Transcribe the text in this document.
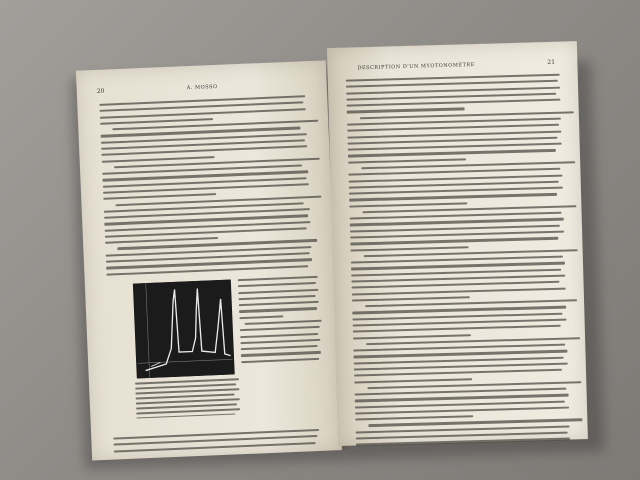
20
A. MOSSO
DESCRIPTION D'UN MYOTONOMÈTRE	21
